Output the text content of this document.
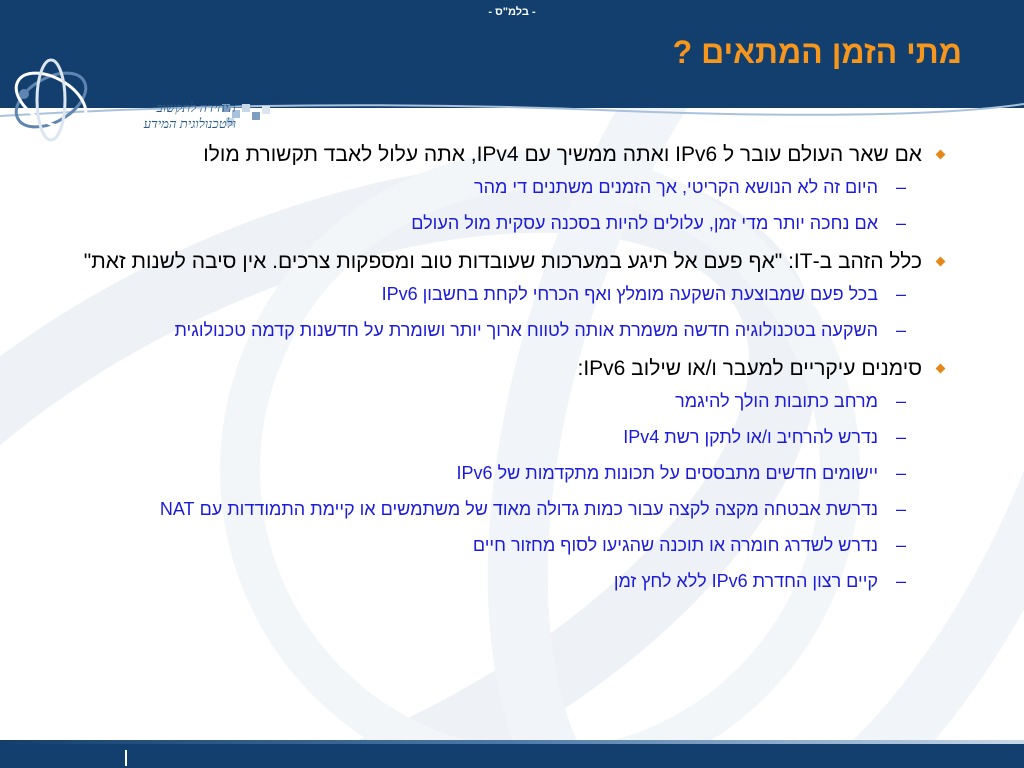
- בלמ"ס -
מתי הזמן המתאים ?
היחידה לתקשוב
ולטכנולוגית המידע
אם שאר העולם עובר ל IPv6 ואתה ממשיך עם IPv4, אתה עלול לאבד תקשורת מולו
–
היום זה לא הנושא הקריטי, אך הזמנים משתנים די מהר
–
אם נחכה יותר מדי זמן, עלולים להיות בסכנה עסקית מול העולם
כלל הזהב ב-IT: "אף פעם אל תיגע במערכות שעובדות טוב ומספקות צרכים. אין סיבה לשנות זאת"
–
בכל פעם שמבוצעת השקעה מומלץ ואף הכרחי לקחת בחשבון IPv6
–
השקעה בטכנולוגיה חדשה משמרת אותה לטווח ארוך יותר ושומרת על חדשנות קדמה טכנולוגית
סימנים עיקריים למעבר ו/או שילוב IPv6:
–
מרחב כתובות הולך להיגמר
–
נדרש להרחיב ו/או לתקן רשת IPv4
–
יישומים חדשים מתבססים על תכונות מתקדמות של IPv6
–
נדרשת אבטחה מקצה לקצה עבור כמות גדולה מאוד של משתמשים או קיימת התמודדות עם NAT
–
נדרש לשדרג חומרה או תוכנה שהגיעו לסוף מחזור חיים
–
קיים רצון החדרת IPv6 ללא לחץ זמן
